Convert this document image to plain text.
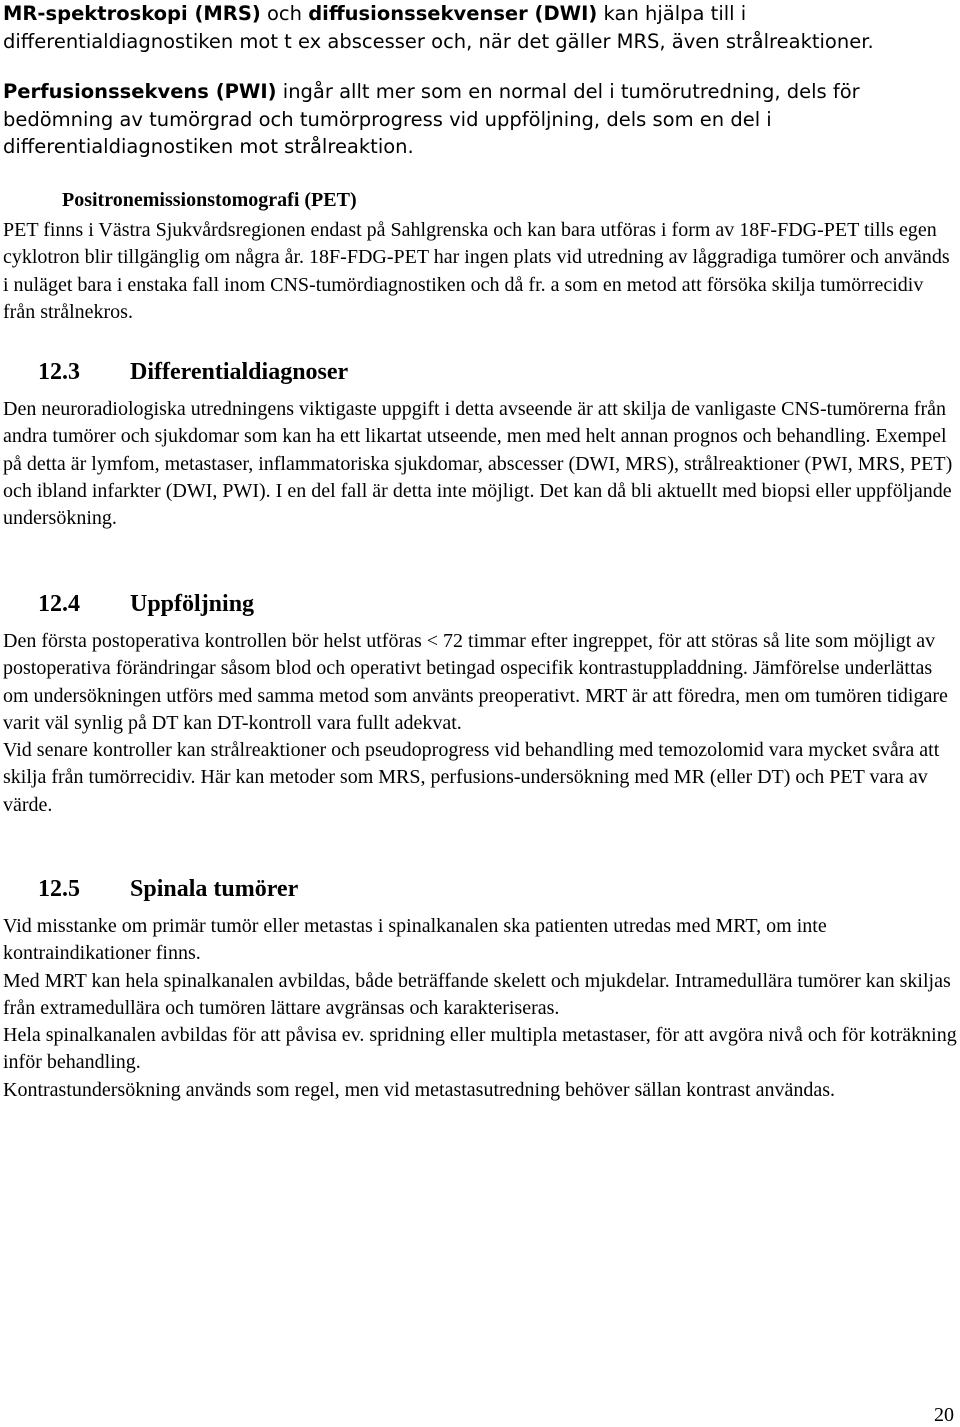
MR-spektroskopi (MRS) och diffusionssekvenser (DWI) kan hjälpa till i differentialdiagnostiken mot t ex abscesser och, när det gäller MRS, även strålreaktioner.

Perfusionssekvens (PWI) ingår allt mer som en normal del i tumörutredning, dels för bedömning av tumörgrad och tumörprogress vid uppföljning, dels som en del i differentialdiagnostiken mot strålreaktion.

Positronemissionstomografi (PET)

PET finns i Västra Sjukvårdsregionen endast på Sahlgrenska och kan bara utföras i form av 18F-FDG-PET tills egen cyklotron blir tillgänglig om några år. 18F-FDG-PET har ingen plats vid utredning av låggradiga tumörer och används i nuläget bara i enstaka fall inom CNS-tumördiagnostiken och då fr. a som en metod att försöka skilja tumörrecidiv från strålnekros.

12.3 Differentialdiagnoser

Den neuroradiologiska utredningens viktigaste uppgift i detta avseende är att skilja de vanligaste CNS-tumörerna från andra tumörer och sjukdomar som kan ha ett likartat utseende, men med helt annan prognos och behandling. Exempel på detta är lymfom, metastaser, inflammatoriska sjukdomar, abscesser (DWI, MRS), strålreaktioner (PWI, MRS, PET) och ibland infarkter (DWI, PWI). I en del fall är detta inte möjligt. Det kan då bli aktuellt med biopsi eller uppföljande undersökning.

12.4 Uppföljning

Den första postoperativa kontrollen bör helst utföras < 72 timmar efter ingreppet, för att störas så lite som möjligt av postoperativa förändringar såsom blod och operativt betingad ospecifik kontrastuppladdning. Jämförelse underlättas om undersökningen utförs med samma metod som använts preoperativt. MRT är att föredra, men om tumören tidigare varit väl synlig på DT kan DT-kontroll vara fullt adekvat.

Vid senare kontroller kan strålreaktioner och pseudoprogress vid behandling med temozolomid vara mycket svåra att skilja från tumörrecidiv. Här kan metoder som MRS, perfusions-undersökning med MR (eller DT) och PET vara av värde.

12.5 Spinala tumörer

Vid misstanke om primär tumör eller metastas i spinalkanalen ska patienten utredas med MRT, om inte kontraindikationer finns.

Med MRT kan hela spinalkanalen avbildas, både beträffande skelett och mjukdelar. Intramedullära tumörer kan skiljas från extramedullära och tumören lättare avgränsas och karakteriseras.

Hela spinalkanalen avbildas för att påvisa ev. spridning eller multipla metastaser, för att avgöra nivå och för koträkning inför behandling.

Kontrastundersökning används som regel, men vid metastasutredning behöver sällan kontrast användas.

20
